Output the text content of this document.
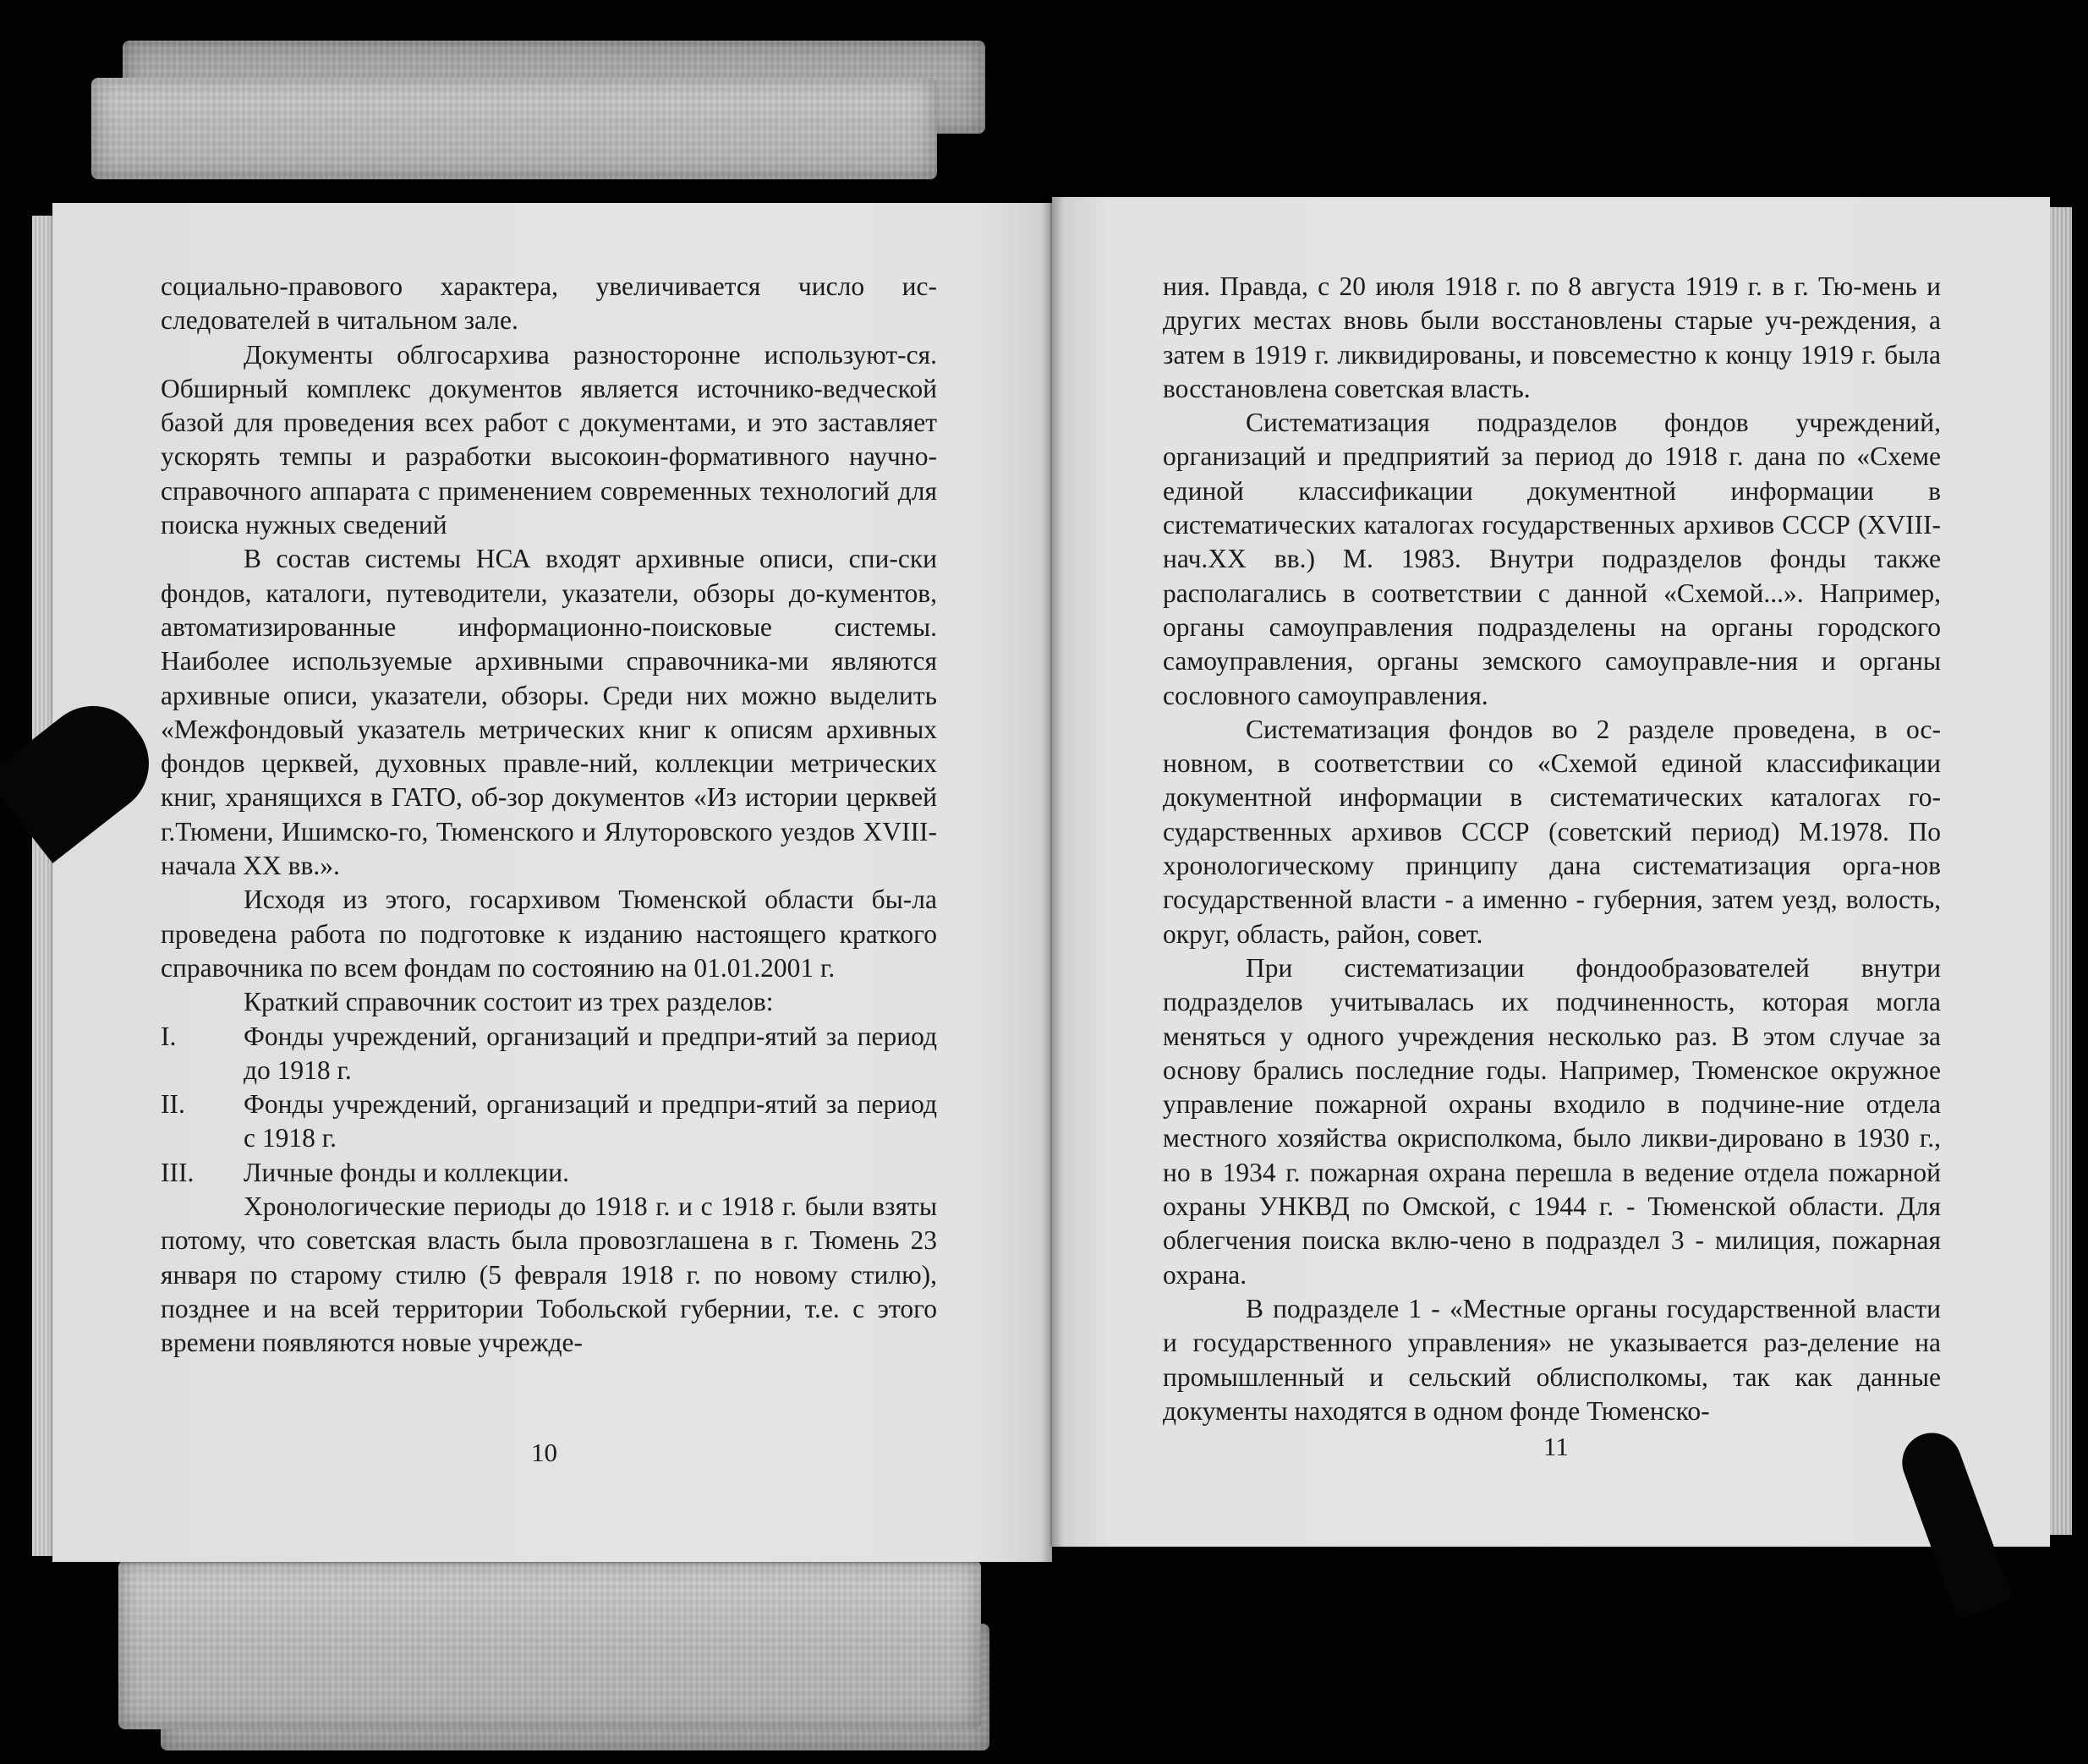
социально-правового характера, увеличивается число ис-следователей в читальном зале.

Документы облгосархива разносторонне используют-ся. Обширный комплекс документов является источнико-ведческой базой для проведения всех работ с документами, и это заставляет ускорять темпы и разработки высокоин-формативного научно-справочного аппарата с применением современных технологий для поиска нужных сведений

В состав системы НСА входят архивные описи, спи-ски фондов, каталоги, путеводители, указатели, обзоры до-кументов, автоматизированные информационно-поисковые системы. Наиболее используемые архивными справочника-ми являются архивные описи, указатели, обзоры. Среди них можно выделить «Межфондовый указатель метрических книг к описям архивных фондов церквей, духовных правле-ний, коллекции метрических книг, хранящихся в ГАТО, об-зор документов «Из истории церквей г.Тюмени, Ишимско-го, Тюменского и Ялуторовского уездов XVIII- начала XX вв.».

Исходя из этого, госархивом Тюменской области бы-ла проведена работа по подготовке к изданию настоящего краткого справочника по всем фондам по состоянию на 01.01.2001 г.

Краткий справочник состоит из трех разделов:

I.	Фонды учреждений, организаций и предпри-ятий за период до 1918 г.
II.	Фонды учреждений, организаций и предпри-ятий за период с 1918 г.
III.	Личные фонды и коллекции.

Хронологические периоды до 1918 г. и с 1918 г. были взяты потому, что советская власть была провозглашена в г. Тюмень 23 января по старому стилю (5 февраля 1918 г. по новому стилю), позднее и на всей территории Тобольской губернии, т.е. с этого времени появляются новые учрежде-

10

ния. Правда, с 20 июля 1918 г. по 8 августа 1919 г. в г. Тю-мень и других местах вновь были восстановлены старые уч-реждения, а затем в 1919 г. ликвидированы, и повсеместно к концу 1919 г. была восстановлена советская власть.

Систематизация подразделов фондов учреждений, организаций и предприятий за период до 1918 г. дана по «Схеме единой классификации документной информации в систематических каталогах государственных архивов СССР (XVIII-нач.XX вв.) М. 1983. Внутри подразделов фонды также располагались в соответствии с данной «Схемой...». Например, органы самоуправления подразделены на органы городского самоуправления, органы земского самоуправле-ния и органы сословного самоуправления.

Систематизация фондов во 2 разделе проведена, в ос-новном, в соответствии со «Схемой единой классификации документной информации в систематических каталогах го-сударственных архивов СССР (советский период) М.1978. По хронологическому принципу дана систематизация орга-нов государственной власти - а именно - губерния, затем уезд, волость, округ, область, район, совет.

При систематизации фондообразователей внутри подразделов учитывалась их подчиненность, которая могла меняться у одного учреждения несколько раз. В этом случае за основу брались последние годы. Например, Тюменское окружное управление пожарной охраны входило в подчине-ние отдела местного хозяйства окрисполкома, было ликви-дировано в 1930 г., но в 1934 г. пожарная охрана перешла в ведение отдела пожарной охраны УНКВД по Омской, с 1944 г. - Тюменской области. Для облегчения поиска вклю-чено в подраздел 3 - милиция, пожарная охрана.

В подразделе 1 - «Местные органы государственной власти и государственного управления» не указывается раз-деление на промышленный и сельский облисполкомы, так как данные документы находятся в одном фонде Тюменско-

11
